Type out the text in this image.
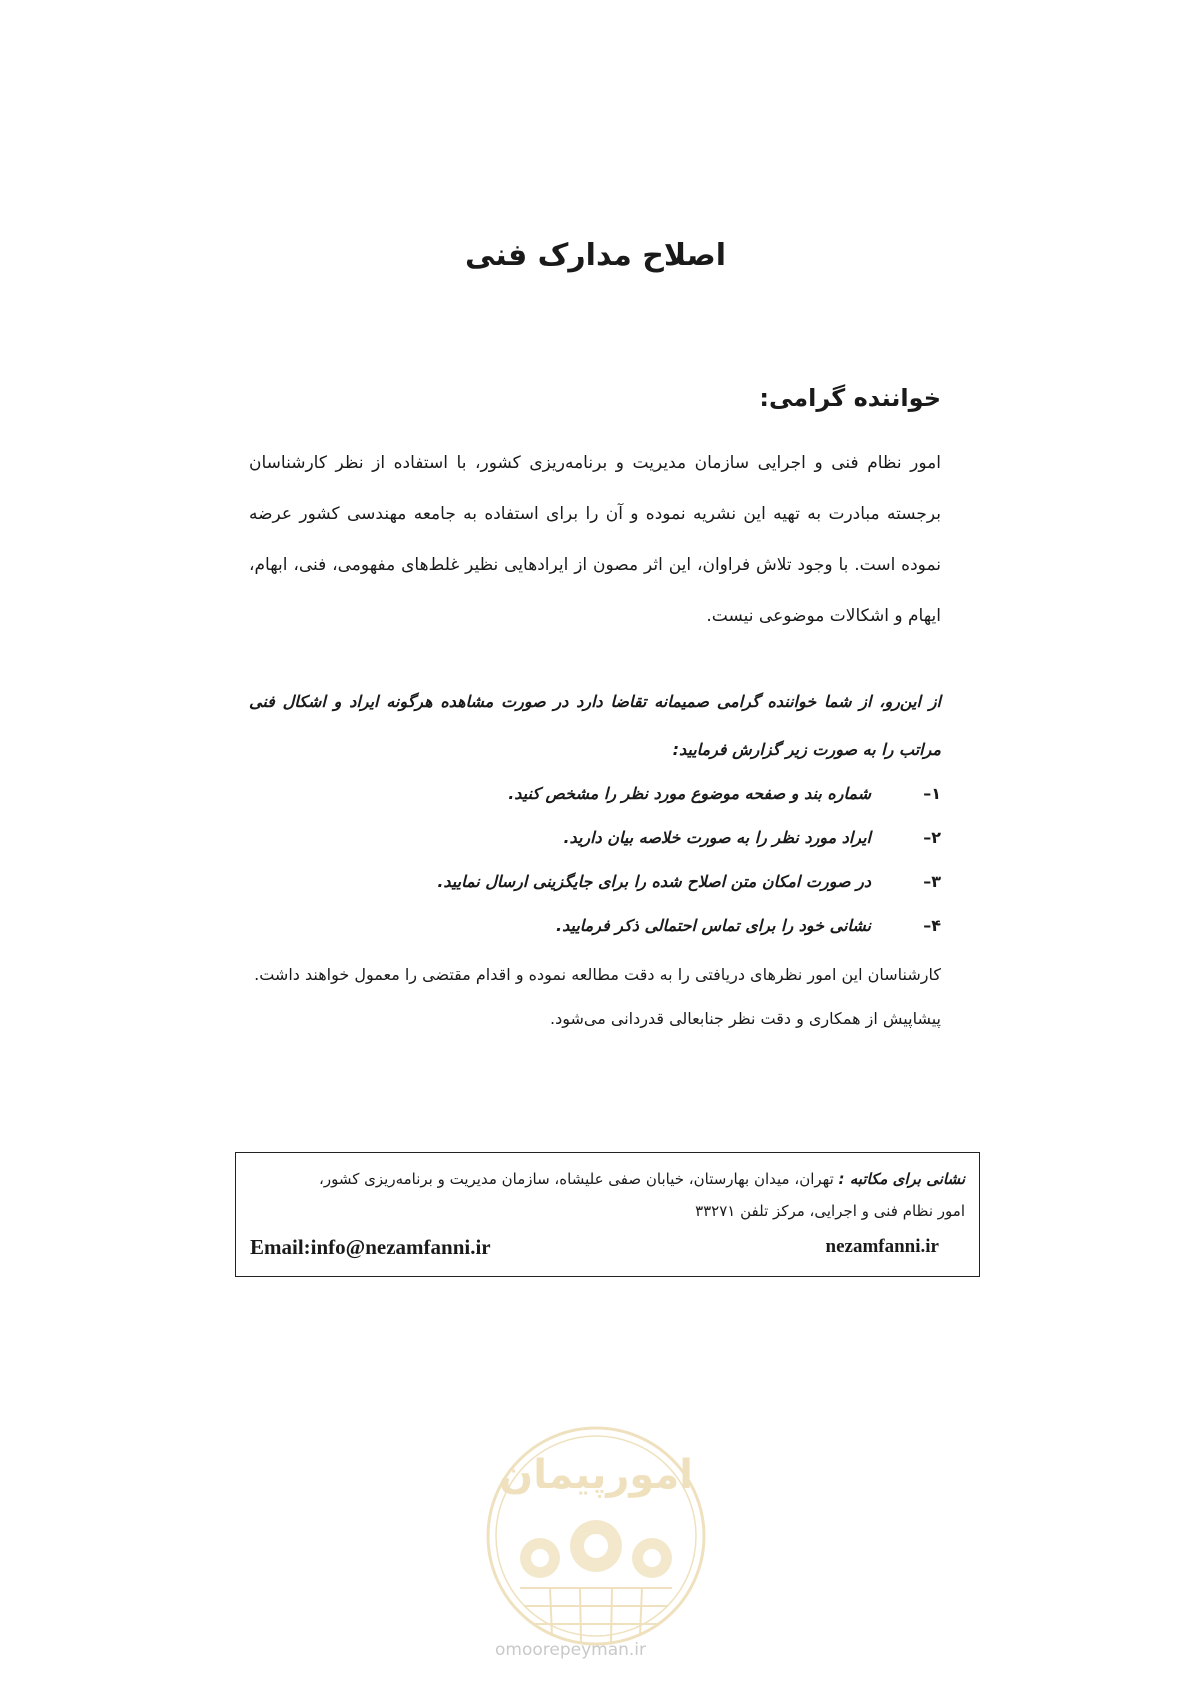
اصلاح مدارک فنی
خواننده گرامی:

امور نظام فنی و اجرایی سازمان مدیریت و برنامه‌ریزی کشور، با استفاده از نظر کارشناسان برجسته مبادرت به تهیه این نشریه نموده و آن را برای استفاده به جامعه مهندسی کشور عرضه نموده است. با وجود تلاش فراوان، این اثر مصون از ایرادهایی نظیر غلط‌های مفهومی، فنی، ابهام، ایهام و اشکالات موضوعی نیست.

از این‌رو، از شما خواننده گرامی صمیمانه تقاضا دارد در صورت مشاهده هرگونه ایراد و اشکال فنی مراتب را به صورت زیر گزارش فرمایید:
۱–
شماره بند و صفحه موضوع مورد نظر را مشخص کنید.
۲–
ایراد مورد نظر را به صورت خلاصه بیان دارید.
۳–
در صورت امکان متن اصلاح شده را برای جایگزینی ارسال نمایید.
۴–
نشانی خود را برای تماس احتمالی ذکر فرمایید.

کارشناسان این امور نظرهای دریافتی را به دقت مطالعه نموده و اقدام مقتضی را معمول خواهند داشت.

پیشاپیش از همکاری و دقت نظر جنابعالی قدردانی می‌شود.

نشانی برای مکاتبه : تهران، میدان بهارستان، خیابان صفی علیشاه، سازمان مدیریت و برنامه‌ریزی کشور،
امور نظام فنی و اجرایی، مرکز تلفن ۳۳۲۷۱
Email:info@nezamfanni.ir	nezamfanni.ir
امورپیمان
omoorepeyman.ir
